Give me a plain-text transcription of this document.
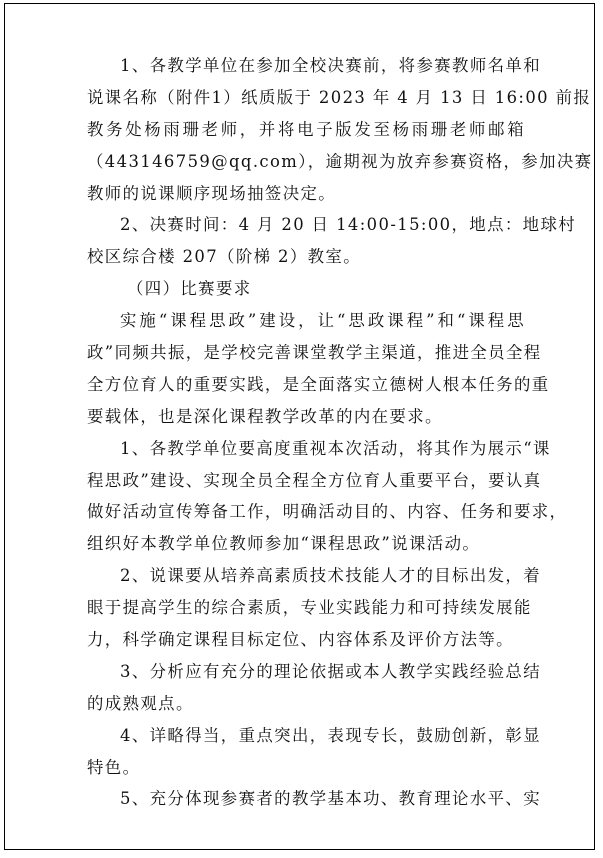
1、各教学单位在参加全校决赛前，将参赛教师名单和
说课名称（附件1）纸质版于 2023 年 4 月 13 日 16:00 前报
教务处杨雨珊老师，并将电子版发至杨雨珊老师邮箱
（443146759@qq.com），逾期视为放弃参赛资格，参加决赛
教师的说课顺序现场抽签决定。
2、决赛时间：4 月 20 日 14:00-15:00，地点：地球村
校区综合楼 207（阶梯 2）教室。
（四）比赛要求
实施“课程思政”建设，让“思政课程”和“课程思
政”同频共振，是学校完善课堂教学主渠道，推进全员全程
全方位育人的重要实践，是全面落实立德树人根本任务的重
要载体，也是深化课程教学改革的内在要求。
1、各教学单位要高度重视本次活动，将其作为展示“课
程思政”建设、实现全员全程全方位育人重要平台，要认真
做好活动宣传筹备工作，明确活动目的、内容、任务和要求，
组织好本教学单位教师参加“课程思政”说课活动。
2、说课要从培养高素质技术技能人才的目标出发，着
眼于提高学生的综合素质，专业实践能力和可持续发展能
力，科学确定课程目标定位、内容体系及评价方法等。
3、分析应有充分的理论依据或本人教学实践经验总结
的成熟观点。
4、详略得当，重点突出，表现专长，鼓励创新，彰显
特色。
5、充分体现参赛者的教学基本功、教育理论水平、实
